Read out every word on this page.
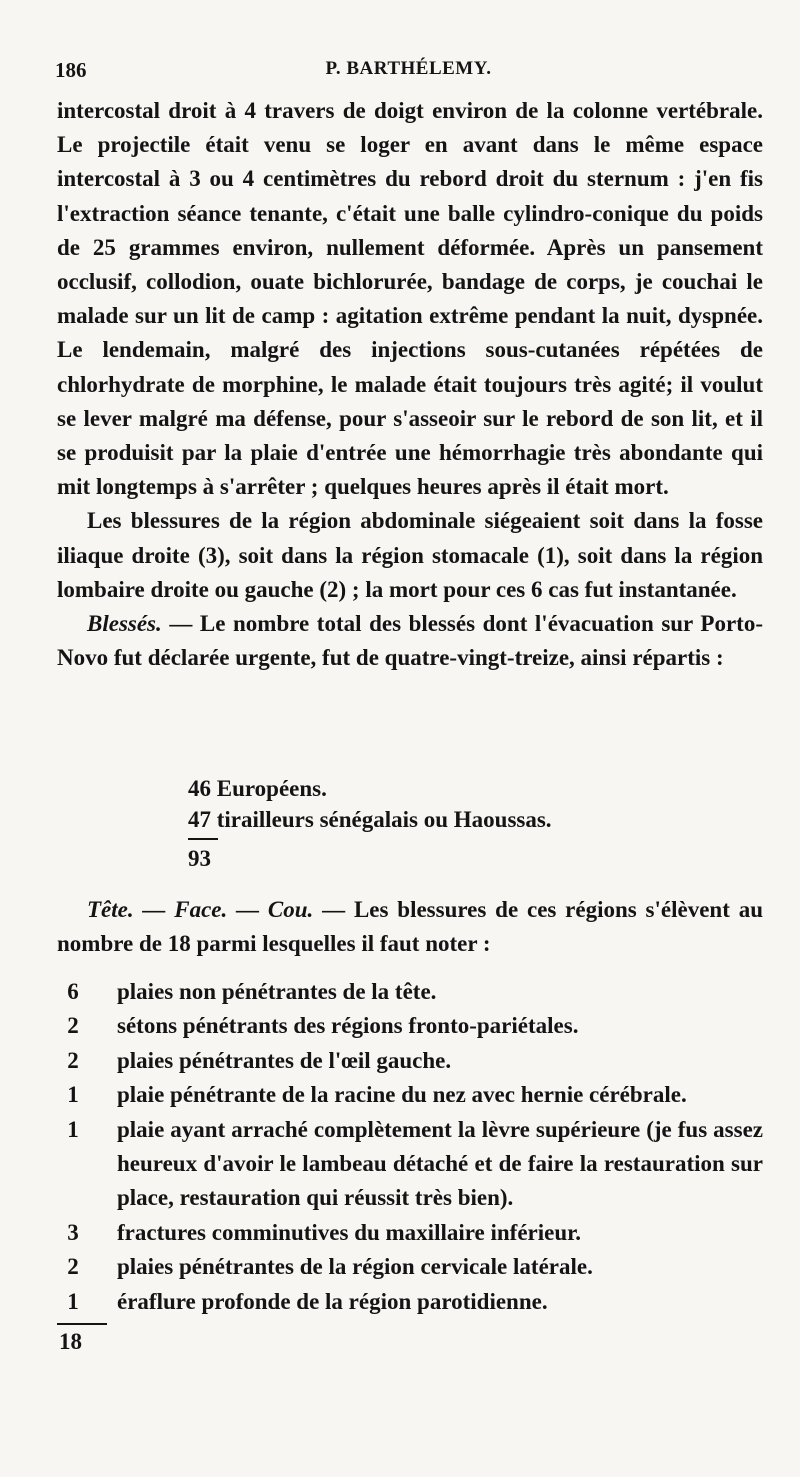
186	P. BARTHÉLEMY.

intercostal droit à 4 travers de doigt environ de la colonne vertébrale. Le projectile était venu se loger en avant dans le même espace intercostal à 3 ou 4 centimètres du rebord droit du sternum : j'en fis l'extraction séance tenante, c'était une balle cylindro-conique du poids de 25 grammes environ, nullement déformée. Après un pansement occlusif, collodion, ouate bichlorurée, bandage de corps, je couchai le malade sur un lit de camp : agitation extrême pendant la nuit, dyspnée. Le lendemain, malgré des injections sous-cutanées répétées de chlorhydrate de morphine, le malade était toujours très agité; il voulut se lever malgré ma défense, pour s'asseoir sur le rebord de son lit, et il se produisit par la plaie d'entrée une hémorrhagie très abondante qui mit longtemps à s'arrêter ; quelques heures après il était mort.

Les blessures de la région abdominale siégeaient soit dans la fosse iliaque droite (3), soit dans la région stomacale (1), soit dans la région lombaire droite ou gauche (2) ; la mort pour ces 6 cas fut instantanée.

Blessés. — Le nombre total des blessés dont l'évacuation sur Porto-Novo fut déclarée urgente, fut de quatre-vingt-treize, ainsi répartis :

46 Européens.
47 tirailleurs sénégalais ou Haoussas.
93

Tête. — Face. — Cou. — Les blessures de ces régions s'élèvent au nombre de 18 parmi lesquelles il faut noter :

6	plaies non pénétrantes de la tête.
2	sétons pénétrants des régions fronto-pariétales.
2	plaies pénétrantes de l'œil gauche.
1	plaie pénétrante de la racine du nez avec hernie cérébrale.
1	plaie ayant arraché complètement la lèvre supérieure (je fus assez heureux d'avoir le lambeau détaché et de faire la restauration sur place, restauration qui réussit très bien).
3	fractures comminutives du maxillaire inférieur.
2	plaies pénétrantes de la région cervicale latérale.
1	éraflure profonde de la région parotidienne.
18
